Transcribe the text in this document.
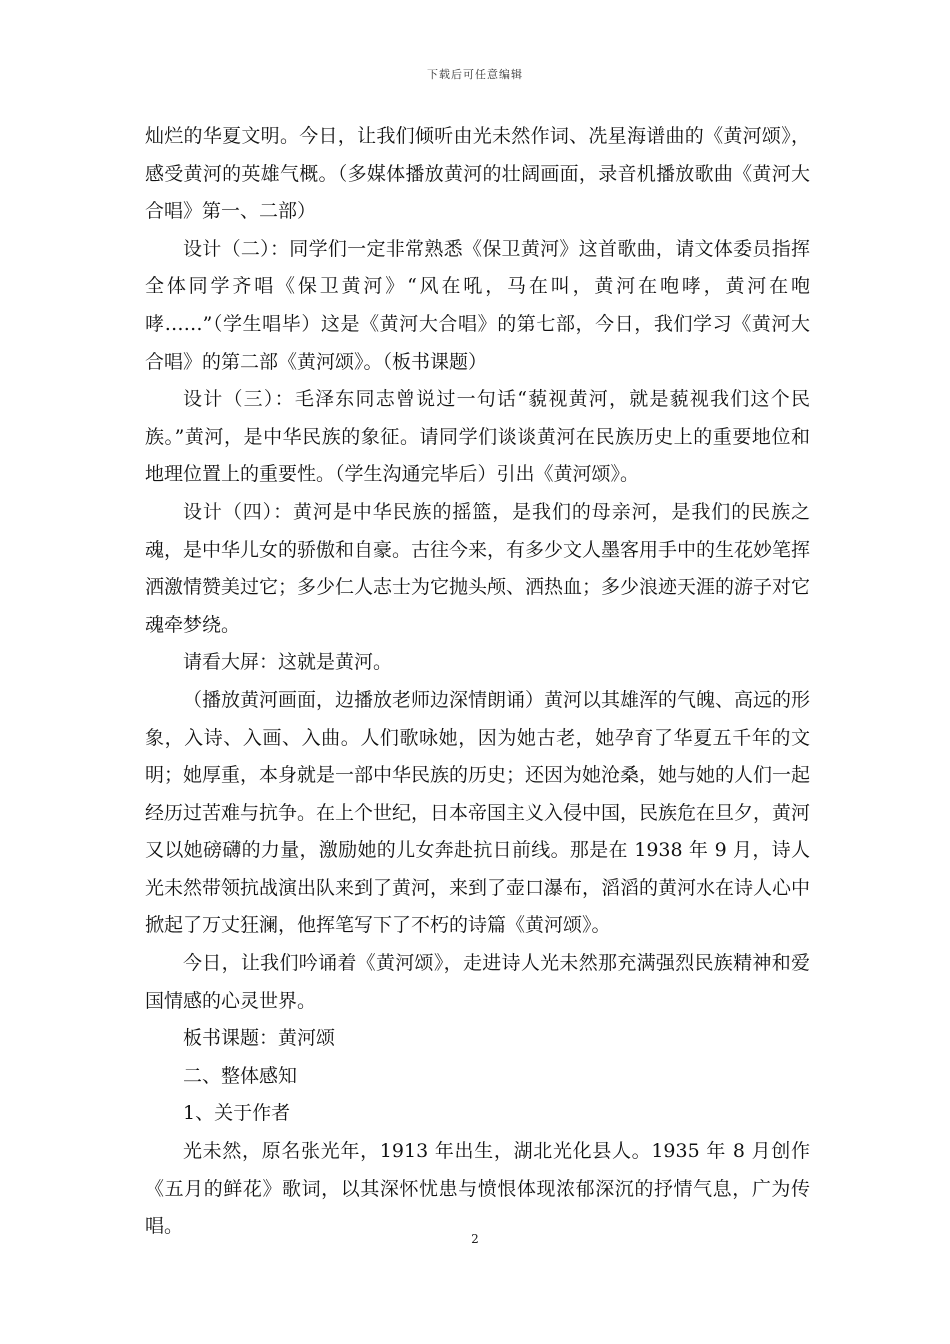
下载后可任意编辑

灿烂的华夏文明。今日，让我们倾听由光未然作词、冼星海谱曲的《黄河颂》，感受黄河的英雄气概。（多媒体播放黄河的壮阔画面，录音机播放歌曲《黄河大合唱》第一、二部）

设计（二）：同学们一定非常熟悉《保卫黄河》这首歌曲，请文体委员指挥全体同学齐唱《保卫黄河》“风在吼，马在叫，黄河在咆哮，黄河在咆哮……”（学生唱毕）这是《黄河大合唱》的第七部，今日，我们学习《黄河大合唱》的第二部《黄河颂》。（板书课题）

设计（三）：毛泽东同志曾说过一句话“藐视黄河，就是藐视我们这个民族。”黄河，是中华民族的象征。请同学们谈谈黄河在民族历史上的重要地位和地理位置上的重要性。（学生沟通完毕后）引出《黄河颂》。

设计（四）：黄河是中华民族的摇篮，是我们的母亲河，是我们的民族之魂，是中华儿女的骄傲和自豪。古往今来，有多少文人墨客用手中的生花妙笔挥洒激情赞美过它；多少仁人志士为它抛头颅、洒热血；多少浪迹天涯的游子对它魂牵梦绕。

请看大屏：这就是黄河。

（播放黄河画面，边播放老师边深情朗诵）黄河以其雄浑的气魄、高远的形象，入诗、入画、入曲。人们歌咏她，因为她古老，她孕育了华夏五千年的文明；她厚重，本身就是一部中华民族的历史；还因为她沧桑，她与她的人们一起经历过苦难与抗争。在上个世纪，日本帝国主义入侵中国，民族危在旦夕，黄河又以她磅礴的力量，激励她的儿女奔赴抗日前线。那是在 1938 年 9 月，诗人光未然带领抗战演出队来到了黄河，来到了壶口瀑布，滔滔的黄河水在诗人心中掀起了万丈狂澜，他挥笔写下了不朽的诗篇《黄河颂》。

今日，让我们吟诵着《黄河颂》，走进诗人光未然那充满强烈民族精神和爱国情感的心灵世界。

板书课题：黄河颂

二、整体感知

1、关于作者

光未然，原名张光年，1913 年出生，湖北光化县人。1935 年 8 月创作《五月的鲜花》歌词，以其深怀忧患与愤恨体现浓郁深沉的抒情气息，广为传唱。

2
